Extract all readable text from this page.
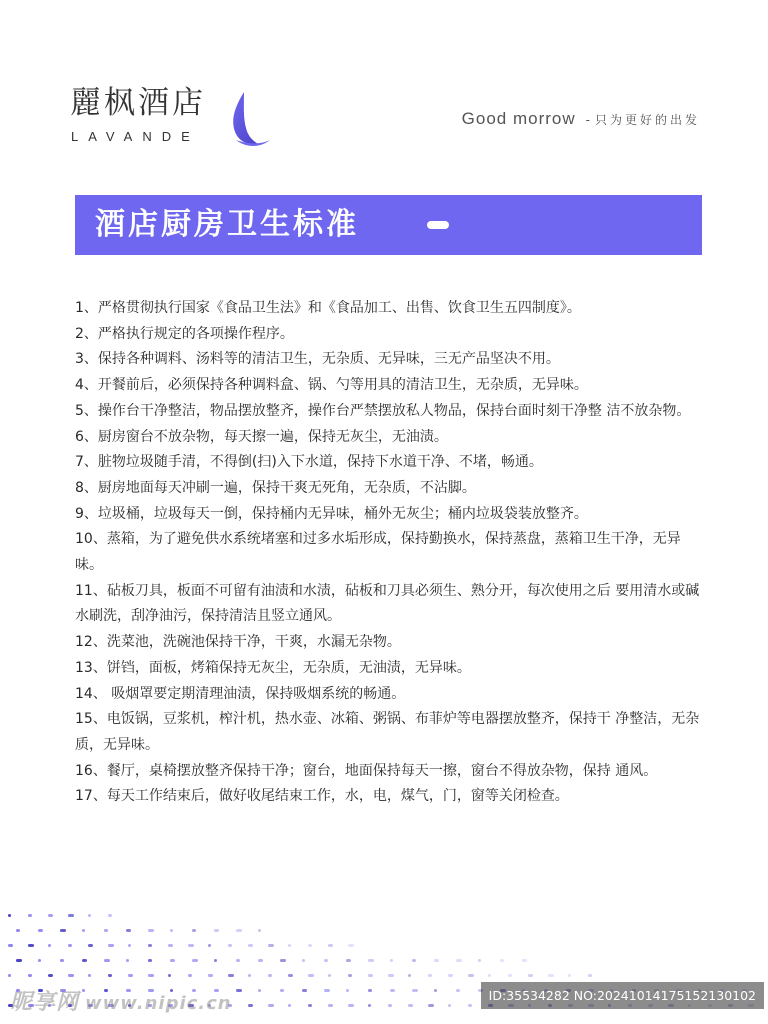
麗枫酒店
LAVANDE
Good morrow - 只为更好的出发
酒店厨房卫生标准
1、严格贯彻执行国家《食品卫生法》和《食品加工、出售、饮食卫生五四制度》。
2、严格执行规定的各项操作程序。
3、保持各种调料、汤料等的清洁卫生，无杂质、无异味，三无产品坚决不用。
4、开餐前后，必须保持各种调料盒、锅、勺等用具的清洁卫生，无杂质，无异味。
5、操作台干净整洁，物品摆放整齐，操作台严禁摆放私人物品，保持台面时刻干净整 洁不放杂物。
6、厨房窗台不放杂物，每天擦一遍，保持无灰尘，无油渍。
7、脏物垃圾随手清，不得倒(扫)入下水道，保持下水道干净、不堵，畅通。
8、厨房地面每天冲刷一遍，保持干爽无死角，无杂质，不沾脚。
9、垃圾桶，垃圾每天一倒，保持桶内无异味，桶外无灰尘；桶内垃圾袋装放整齐。
10、蒸箱，为了避免供水系统堵塞和过多水垢形成，保持勤换水，保持蒸盘，蒸箱卫生干净，无异味。
11、砧板刀具，板面不可留有油渍和水渍，砧板和刀具必须生、熟分开，每次使用之后 要用清水或碱水刷洗，刮净油污，保持清洁且竖立通风。
12、洗菜池，洗碗池保持干净，干爽，水漏无杂物。
13、饼铛，面板，烤箱保持无灰尘，无杂质，无油渍，无异味。
14、 吸烟罩要定期清理油渍，保持吸烟系统的畅通。
15、电饭锅，豆浆机，榨汁机，热水壶、冰箱、粥锅、布菲炉等电器摆放整齐，保持干 净整洁，无杂质，无异味。
16、餐厅，桌椅摆放整齐保持干净；窗台，地面保持每天一擦，窗台不得放杂物，保持 通风。
17、每天工作结束后，做好收尾结束工作，水，电，煤气，门，窗等关闭检查。
昵享网 www.nipic.cn	ID:35534282 NO:20241014175152130102
